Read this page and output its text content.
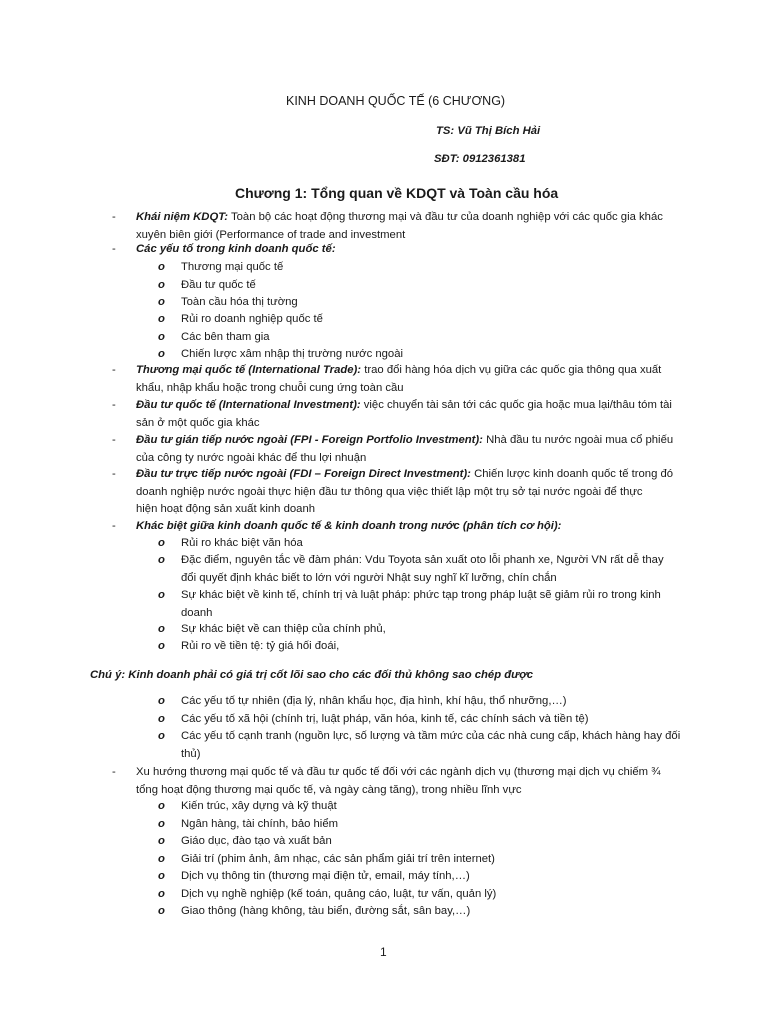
KINH DOANH QUỐC TẾ (6 CHƯƠNG)
TS: Vũ Thị Bích Hải
SĐT: 0912361381
Chương 1: Tổng quan về KDQT và Toàn cầu hóa
- Khái niệm KDQT: Toàn bộ các hoạt động thương mại và đầu tư của doanh nghiệp với các quốc gia khác
xuyên biên giới (Performance of trade and investment
- Các yếu tố trong kinh doanh quốc tế:
o Thương mại quốc tế
o Đầu tư quốc tế
o Toàn cầu hóa thị tường
o Rủi ro doanh nghiệp quốc tế
o Các bên tham gia
o Chiến lược xâm nhập thị trường nước ngoài
- Thương mại quốc tế (International Trade): trao đổi hàng hóa dịch vụ giữa các quốc gia thông qua xuất
khẩu, nhập khẩu hoặc trong chuỗi cung ứng toàn cầu
- Đầu tư quốc tế (International Investment): việc chuyển tài sản tới các quốc gia hoặc mua lại/thâu tóm tài
sản ở một quốc gia khác
- Đầu tư gián tiếp nước ngoài (FPI - Foreign Portfolio Investment): Nhà đầu tu nước ngoài mua cổ phiếu
của công ty nước ngoài khác để thu lợi nhuận
- Đầu tư trực tiếp nước ngoài (FDI – Foreign Direct Investment): Chiến lược kinh doanh quốc tế trong đó
doanh nghiệp nước ngoài thực hiện đầu tư thông qua việc thiết lập một trụ sở tại nước ngoài để thực
hiện hoạt động sản xuất kinh doanh
- Khác biệt giữa kinh doanh quốc tế & kinh doanh trong nước (phân tích cơ hội):
o Rủi ro khác biệt văn hóa
o Đặc điểm, nguyên tắc về đàm phán: Vdu Toyota sản xuất oto lỗi phanh xe, Người VN rất dễ thay
đổi quyết định khác biết to lớn với người Nhật suy nghĩ kĩ lưỡng, chín chắn
o Sự khác biệt về kinh tế, chính trị và luật pháp: phức tạp trong pháp luật sẽ giảm rủi ro trong kinh
doanh
o Sự khác biệt về can thiệp của chính phủ,
o Rủi ro về tiền tệ: tỷ giá hối đoái,
Chú ý: Kinh doanh phải có giá trị cốt lõi sao cho các đối thủ không sao chép được
o Các yếu tố tự nhiên (địa lý, nhân khẩu học, địa hình, khí hậu, thổ nhưỡng,…)
o Các yếu tố xã hội (chính trị, luật pháp, văn hóa, kinh tế, các chính sách và tiền tệ)
o Các yếu tố cạnh tranh (nguồn lực, số lượng và tầm mức của các nhà cung cấp, khách hàng hay đối
thủ)
- Xu hướng thương mại quốc tế và đầu tư quốc tế đối với các ngành dịch vụ (thương mại dịch vụ chiếm ¾
tổng hoạt động thương mại quốc tế, và ngày càng tăng), trong nhiều lĩnh vực
o Kiến trúc, xây dựng và kỹ thuật
o Ngân hàng, tài chính, bảo hiểm
o Giáo dục, đào tạo và xuất bản
o Giải trí (phim ảnh, âm nhạc, các sản phẩm giải trí trên internet)
o Dịch vụ thông tin (thương mại điện tử, email, máy tính,…)
o Dịch vụ nghề nghiệp (kế toán, quảng cáo, luật, tư vấn, quản lý)
o Giao thông (hàng không, tàu biển, đường sắt, sân bay,…)
1
